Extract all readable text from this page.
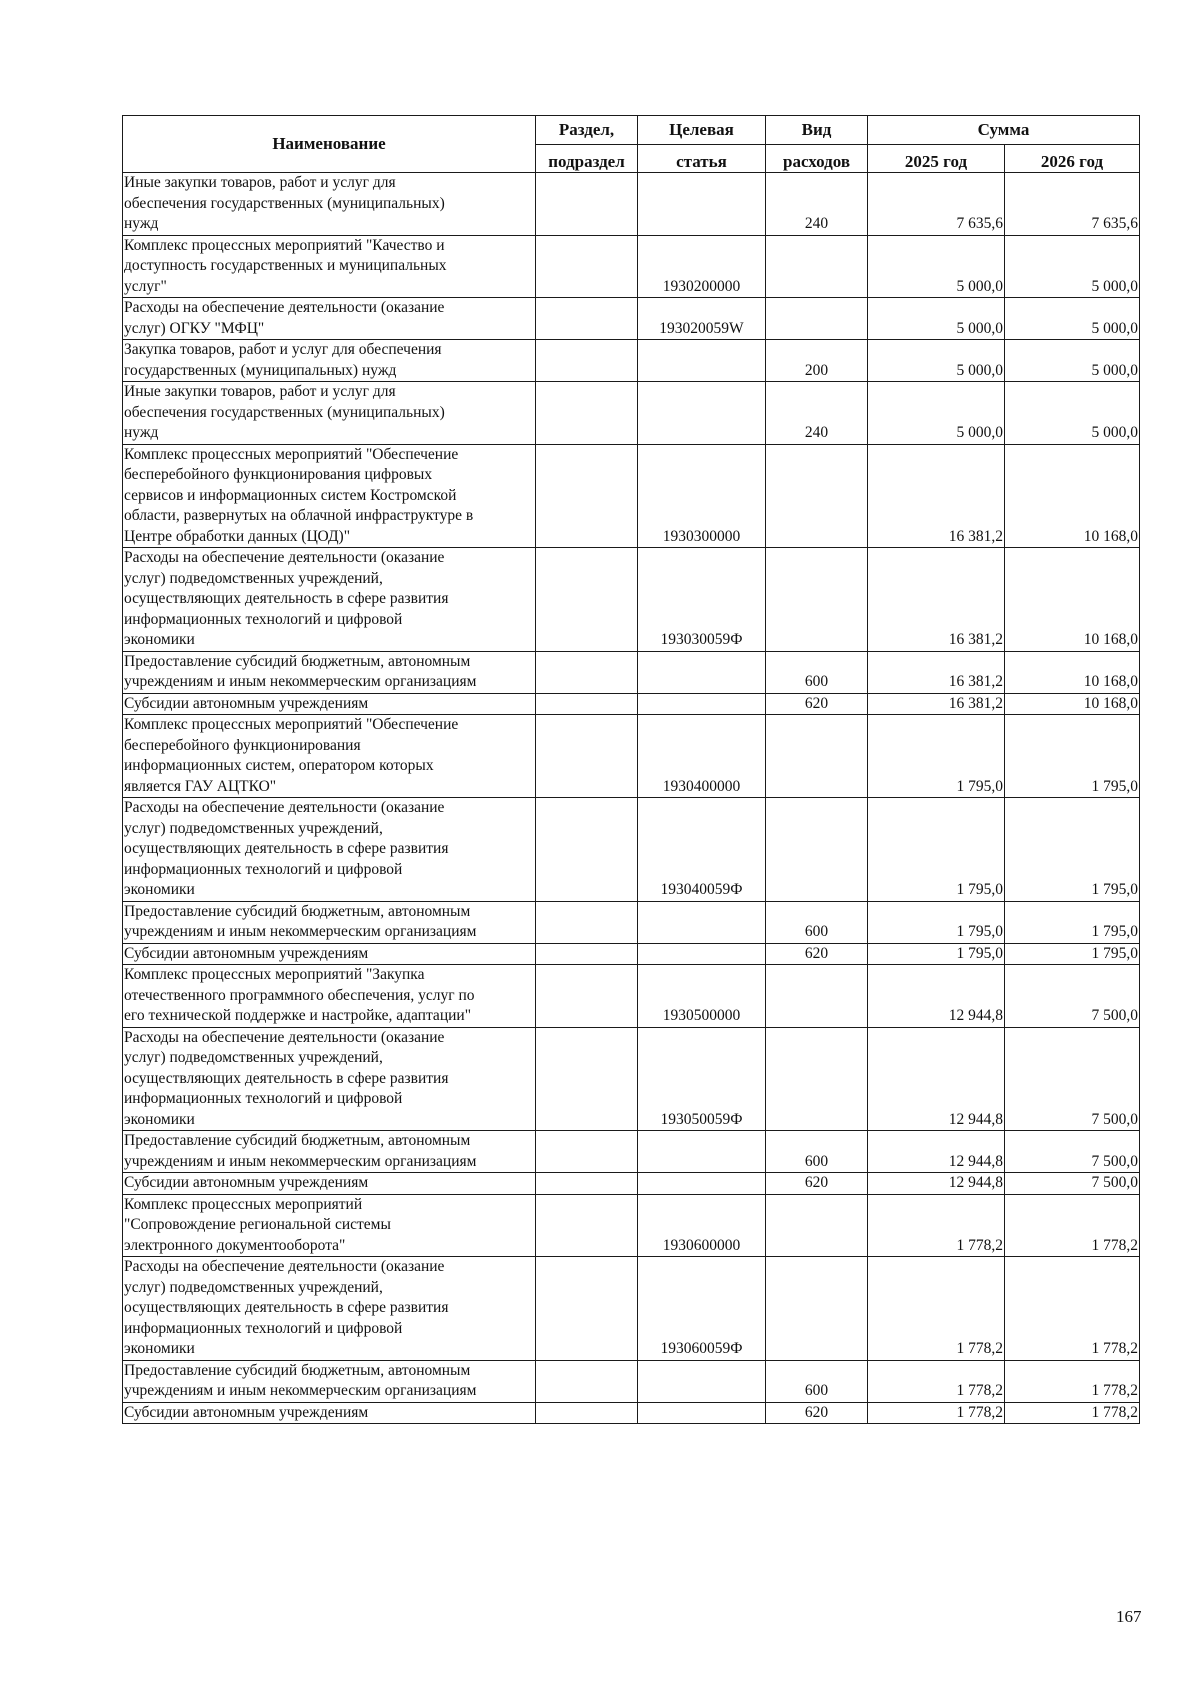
Наименование	Раздел,	Целевая	Вид	Сумма	
	подраздел	статья	расходов	2025 год	2026 год
Иные закупки товаров, работ и услуг для
обеспечения государственных (муниципальных)
нужд			240	7 635,6	7 635,6
Комплекс процессных мероприятий "Качество и
доступность государственных и муниципальных
услуг"		1930200000		5 000,0	5 000,0
Расходы на обеспечение деятельности (оказание
услуг) ОГКУ "МФЦ"		193020059W		5 000,0	5 000,0
Закупка товаров, работ и услуг для обеспечения
государственных (муниципальных) нужд			200	5 000,0	5 000,0
Иные закупки товаров, работ и услуг для
обеспечения государственных (муниципальных)
нужд			240	5 000,0	5 000,0
Комплекс процессных мероприятий "Обеспечение
бесперебойного функционирования цифровых
сервисов и информационных систем Костромской
области, развернутых на облачной инфраструктуре в
Центре обработки данных (ЦОД)"		1930300000		16 381,2	10 168,0
Расходы на обеспечение деятельности (оказание
услуг) подведомственных учреждений,
осуществляющих деятельность в сфере развития
информационных технологий и цифровой
экономики		193030059Ф		16 381,2	10 168,0
Предоставление субсидий бюджетным, автономным
учреждениям и иным некоммерческим организациям			600	16 381,2	10 168,0
Субсидии автономным учреждениям			620	16 381,2	10 168,0
Комплекс процессных мероприятий "Обеспечение
бесперебойного функционирования
информационных систем, оператором которых
является ГАУ АЦТКО"		1930400000		1 795,0	1 795,0
Расходы на обеспечение деятельности (оказание
услуг) подведомственных учреждений,
осуществляющих деятельность в сфере развития
информационных технологий и цифровой
экономики		193040059Ф		1 795,0	1 795,0
Предоставление субсидий бюджетным, автономным
учреждениям и иным некоммерческим организациям			600	1 795,0	1 795,0
Субсидии автономным учреждениям			620	1 795,0	1 795,0
Комплекс процессных мероприятий "Закупка
отечественного программного обеспечения, услуг по
его технической поддержке и настройке, адаптации"		1930500000		12 944,8	7 500,0
Расходы на обеспечение деятельности (оказание
услуг) подведомственных учреждений,
осуществляющих деятельность в сфере развития
информационных технологий и цифровой
экономики		193050059Ф		12 944,8	7 500,0
Предоставление субсидий бюджетным, автономным
учреждениям и иным некоммерческим организациям			600	12 944,8	7 500,0
Субсидии автономным учреждениям			620	12 944,8	7 500,0
Комплекс процессных мероприятий
"Сопровождение региональной системы
электронного документооборота"		1930600000		1 778,2	1 778,2
Расходы на обеспечение деятельности (оказание
услуг) подведомственных учреждений,
осуществляющих деятельность в сфере развития
информационных технологий и цифровой
экономики		193060059Ф		1 778,2	1 778,2
Предоставление субсидий бюджетным, автономным
учреждениям и иным некоммерческим организациям			600	1 778,2	1 778,2
Субсидии автономным учреждениям			620	1 778,2	1 778,2
167
